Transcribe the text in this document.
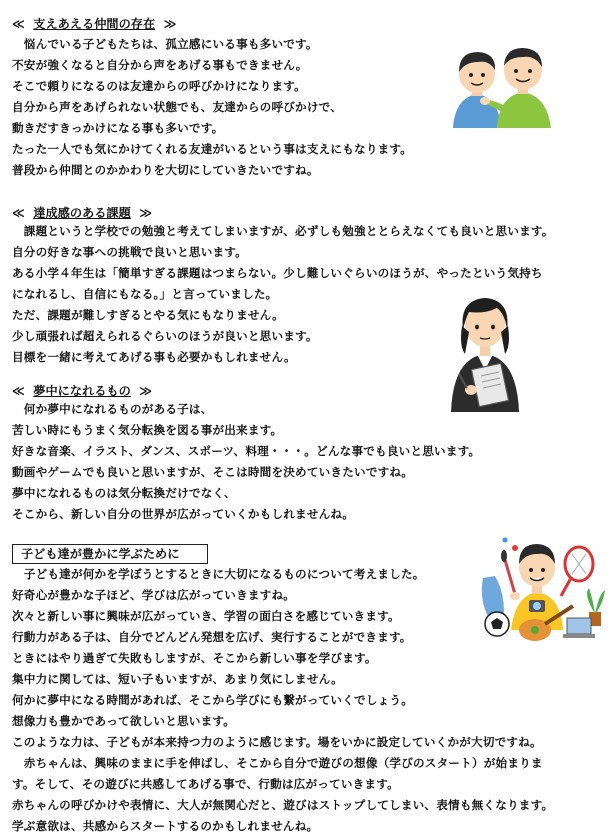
≪ 支えあえる仲間の存在 ≫
　悩んでいる子どもたちは、孤立感にいる事も多いです。
不安が強くなると自分から声をあげる事もできません。
そこで頼りになるのは友達からの呼びかけになります。
自分から声をあげられない状態でも、友達からの呼びかけで、
動きだすきっかけになる事も多いです。
たった一人でも気にかけてくれる友達がいるという事は支えにもなります。
普段から仲間とのかかわりを大切にしていきたいですね。
≪ 達成感のある課題 ≫
　課題というと学校での勉強と考えてしまいますが、必ずしも勉強ととらえなくても良いと思います。
自分の好きな事への挑戦で良いと思います。
ある小学４年生は「簡単すぎる課題はつまらない。少し難しいぐらいのほうが、やったという気持ち
になれるし、自信にもなる。」と言っていました。
ただ、課題が難しすぎるとやる気にもなりません。
少し頑張れば超えられるぐらいのほうが良いと思います。
目標を一緒に考えてあげる事も必要かもしれません。
≪ 夢中になれるもの ≫
　何か夢中になれるものがある子は、
苦しい時にもうまく気分転換を図る事が出来ます。
好きな音楽、イラスト、ダンス、スポーツ、料理・・・。どんな事でも良いと思います。
動画やゲームでも良いと思いますが、そこは時間を決めていきたいですね。
夢中になれるものは気分転換だけでなく、
そこから、新しい自分の世界が広がっていくかもしれませんね。
子ども達が豊かに学ぶために
　子ども達が何かを学ぼうとするときに大切になるものについて考えました。
好奇心が豊かな子ほど、学びは広がっていきますね。
次々と新しい事に興味が広がっていき、学習の面白さを感じていきます。
行動力がある子は、自分でどんどん発想を広げ、実行することができます。
ときにはやり過ぎて失敗もしますが、そこから新しい事を学びます。
集中力に関しては、短い子もいますが、あまり気にしません。
何かに夢中になる時間があれば、そこから学びにも繋がっていくでしょう。
想像力も豊かであって欲しいと思います。
このような力は、子どもが本来持つ力のように感じます。場をいかに設定していくかが大切ですね。
　赤ちゃんは、興味のままに手を伸ばし、そこから自分で遊びの想像（学びのスタート）が始まりま
す。そして、その遊びに共感してあげる事で、行動は広がっていきます。
赤ちゃんの呼びかけや表情に、大人が無関心だと、遊びはストップしてしまい、表情も無くなります。
学ぶ意欲は、共感からスタートするのかもしれませんね。
